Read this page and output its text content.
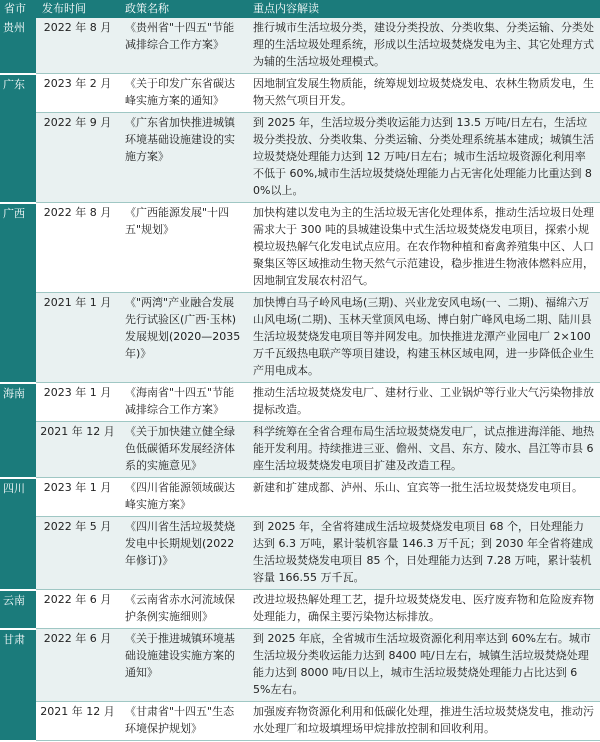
省市	发布时间	政策名称	重点内容解读
贵州	2022 年 8 月	《贵州省"十四五"节能减排综合工作方案》	推行城市生活垃圾分类，建设分类投放、分类收集、分类运输、分类处理的生活垃圾处理系统，形成以生活垃圾焚烧发电为主、其它处理方式为辅的生活垃圾处理模式。
广东	2023 年 2 月	《关于印发广东省碳达峰实施方案的通知》	因地制宜发展生物质能，统筹规划垃圾焚烧发电、农林生物质发电，生物天然气项目开发。
	2022 年 9 月	《广东省加快推进城镇环境基础设施建设的实施方案》	到 2025 年，生活垃圾分类收运能力达到 13.5 万吨/日左右，生活垃圾分类投放、分类收集、分类运输、分类处理系统基本建成；城镇生活垃圾焚烧处理能力达到 12 万吨/日左右；城市生活垃圾资源化利用率不低于 60%,城市生活垃圾焚烧处理能力占无害化处理能力比重达到 80%以上。
广西	2022 年 8 月	《广西能源发展"十四五"规划》	加快构建以发电为主的生活垃圾无害化处理体系，推动生活垃圾日处理需求大于 300 吨的县城建设集中式生活垃圾焚烧发电项目，探索小规模垃圾热解气化发电试点应用。在农作物种植和畜禽养殖集中区、人口聚集区等区域推动生物天然气示范建设，稳步推进生物液体燃料应用，因地制宜发展农村沼气。
	2021 年 1 月	《"两湾"产业融合发展先行试验区(广西·玉林)发展规划(2020—2035 年)》	加快博白马子岭风电场(三期)、兴业龙安风电场(一、二期)、福绵六万山风电场(二期)、玉林天堂顶风电场、博白射广峰风电场二期、陆川县生活垃圾焚烧发电项目等并网发电。加快推进龙潭产业园电厂 2×100 万千瓦级热电联产等项目建设，构建玉林区域电网，进一步降低企业生产用电成本。
海南	2023 年 1 月	《海南省"十四五"节能减排综合工作方案》	推动生活垃圾焚烧发电厂、建材行业、工业锅炉等行业大气污染物排放提标改造。
	2021 年 12 月	《关于加快建立健全绿色低碳循环发展经济体系的实施意见》	科学统筹在全省合理布局生活垃圾焚烧发电厂，试点推进海洋能、地热能开发利用。持续推进三亚、儋州、文昌、东方、陵水、昌江等市县 6 座生活垃圾焚烧发电项目扩建及改造工程。
四川	2023 年 1 月	《四川省能源领域碳达峰实施方案》	新建和扩建成都、泸州、乐山、宜宾等一批生活垃圾焚烧发电项目。
	2022 年 5 月	《四川省生活垃圾焚烧发电中长期规划(2022 年修订)》	到 2025 年，全省将建成生活垃圾焚烧发电项目 68 个，日处理能力达到 6.3 万吨，累计装机容量 146.3 万千瓦；到 2030 年全省将建成生活垃圾焚烧发电项目 85 个，日处理能力达到 7.28 万吨，累计装机容量 166.55 万千瓦。
云南	2022 年 6 月	《云南省赤水河流域保护条例实施细则》	改进垃圾热解处理工艺，提升垃圾焚烧发电、医疗废弃物和危险废弃物处理能力，确保主要污染物达标排放。
甘肃	2022 年 6 月	《关于推进城镇环境基础设施建设实施方案的通知》	到 2025 年底，全省城市生活垃圾资源化利用率达到 60%左右。城市生活垃圾分类收运能力达到 8400 吨/日左右，城镇生活垃圾焚烧处理能力达到 8000 吨/日以上，城市生活垃圾焚烧处理能力占比达到 65%左右。
	2021 年 12 月	《甘肃省"十四五"生态环境保护规划》	加强废弃物资源化利用和低碳化处理，推进生活垃圾焚烧发电，推动污水处理厂和垃圾填埋场甲烷排放控制和回收利用。
